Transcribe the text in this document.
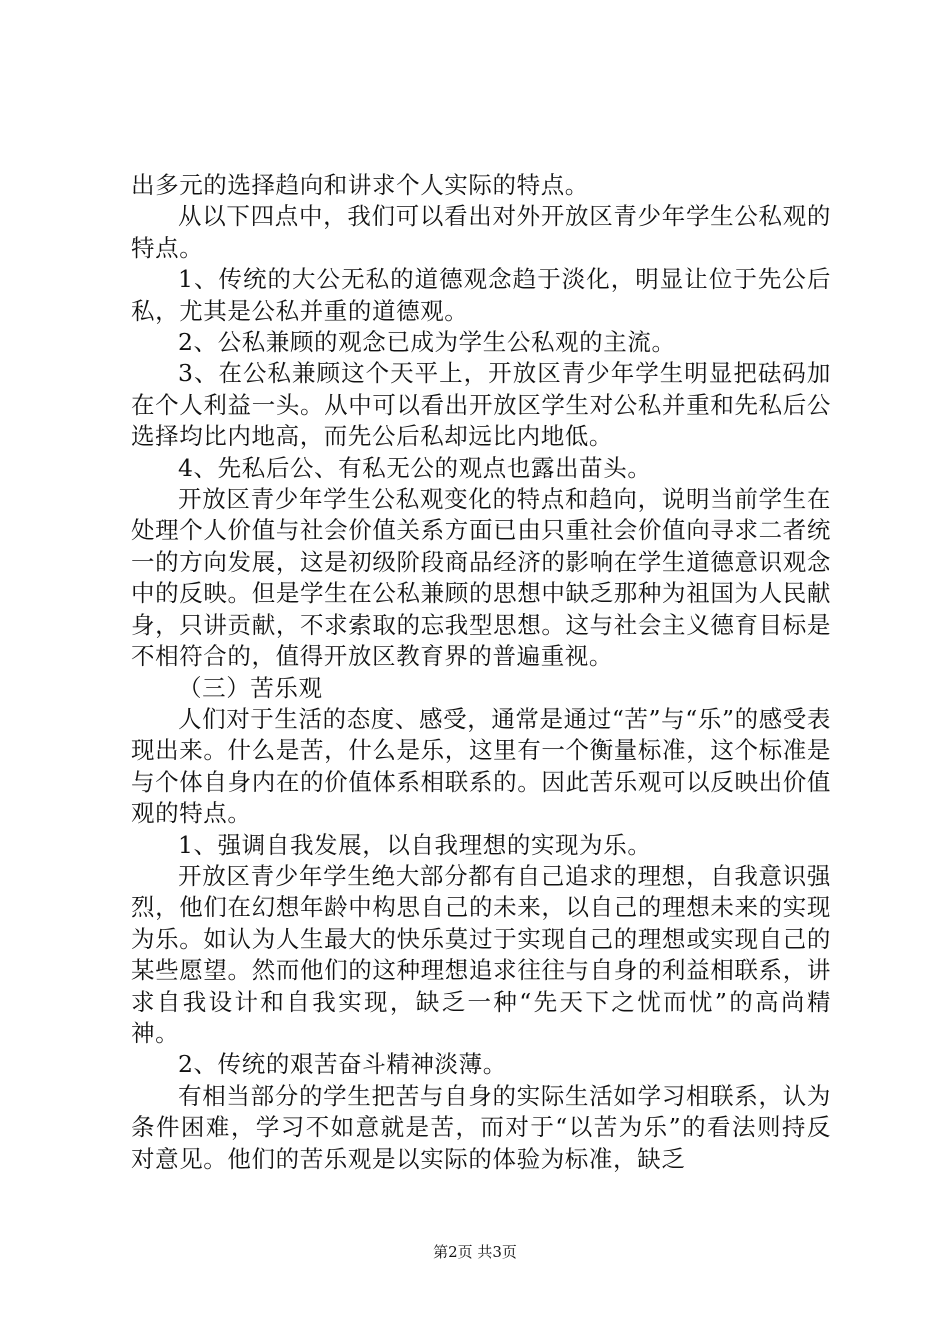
出多元的选择趋向和讲求个人实际的特点。

从以下四点中，我们可以看出对外开放区青少年学生公私观的特点。

1、传统的大公无私的道德观念趋于淡化，明显让位于先公后私，尤其是公私并重的道德观。

2、公私兼顾的观念已成为学生公私观的主流。

3、在公私兼顾这个天平上，开放区青少年学生明显把砝码加在个人利益一头。从中可以看出开放区学生对公私并重和先私后公选择均比内地高，而先公后私却远比内地低。

4、先私后公、有私无公的观点也露出苗头。

开放区青少年学生公私观变化的特点和趋向，说明当前学生在处理个人价值与社会价值关系方面已由只重社会价值向寻求二者统一的方向发展，这是初级阶段商品经济的影响在学生道德意识观念中的反映。但是学生在公私兼顾的思想中缺乏那种为祖国为人民献身，只讲贡献，不求索取的忘我型思想。这与社会主义德育目标是不相符合的，值得开放区教育界的普遍重视。

（三）苦乐观

人们对于生活的态度、感受，通常是通过“苦”与“乐”的感受表现出来。什么是苦，什么是乐，这里有一个衡量标准，这个标准是与个体自身内在的价值体系相联系的。因此苦乐观可以反映出价值观的特点。

1、强调自我发展，以自我理想的实现为乐。

开放区青少年学生绝大部分都有自己追求的理想，自我意识强烈，他们在幻想年龄中构思自己的未来，以自己的理想未来的实现为乐。如认为人生最大的快乐莫过于实现自己的理想或实现自己的某些愿望。然而他们的这种理想追求往往与自身的利益相联系，讲求自我设计和自我实现，缺乏一种“先天下之忧而忧”的高尚精神。

2、传统的艰苦奋斗精神淡薄。

有相当部分的学生把苦与自身的实际生活如学习相联系，认为条件困难，学习不如意就是苦，而对于“以苦为乐”的看法则持反对意见。他们的苦乐观是以实际的体验为标准，缺乏

第2页 共3页
